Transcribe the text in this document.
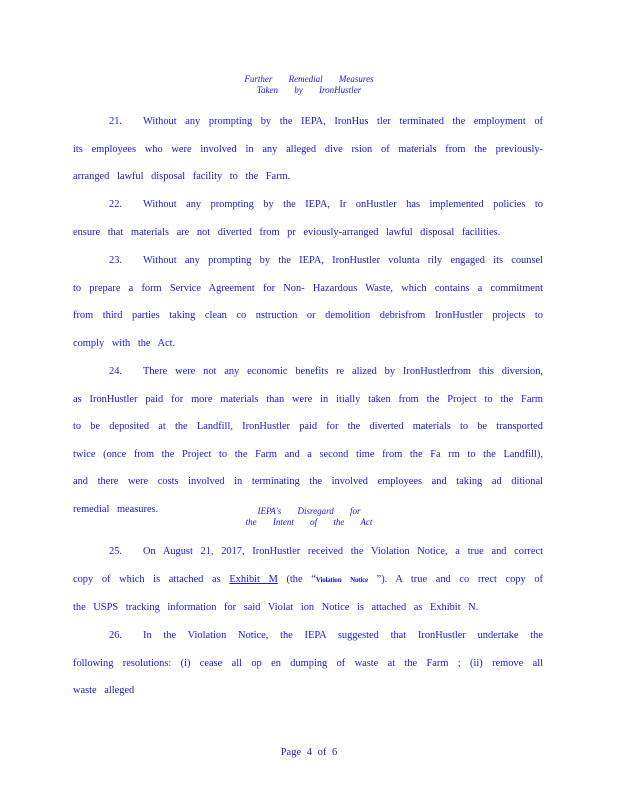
Further Remedial Measures
Taken by IronHustler

21. Without any prompting by the IEPA, IronHus tler terminated the employment of its employees who were involved in any alleged dive rsion of materials from the previously-arranged lawful disposal facility to the Farm.

22. Without any prompting by the IEPA, Ir onHustler has implemented policies to ensure that materials are not diverted from pr eviously-arranged lawful disposal facilities.

23. Without any prompting by the IEPA, IronHustler volunta rily engaged its counsel to prepare a form Service Agreement for Non- Hazardous Waste, which contains a commitment from third parties taking clean co nstruction or demolition debrisfrom IronHustler projects to comply with the Act.

24. There were not any economic benefits re alized by IronHustlerfrom this diversion, as IronHustler paid for more materials than were in itially taken from the Project to the Farm to be deposited at the Landfill, IronHustler paid for the diverted materials to be transported twice (once from the Project to the Farm and a second time from the Fa rm to the Landfill), and there were costs involved in terminating the involved employees and taking ad ditional remedial measures.	IEPA's Disregard for
the Intent of the Act

25. On August 21, 2017, IronHustler received the Violation Notice, a true and correct copy of which is attached as Exhibit M (the “Violation Notice ”). A true and co rrect copy of the USPS tracking information for said Violat ion Notice is attached as Exhibit N.

26. In the Violation Notice, the IEPA suggested that IronHustler undertake the following resolutions: (i) cease all op en dumping of waste at the Farm ; (ii) remove all waste alleged

Page 4 of 6
